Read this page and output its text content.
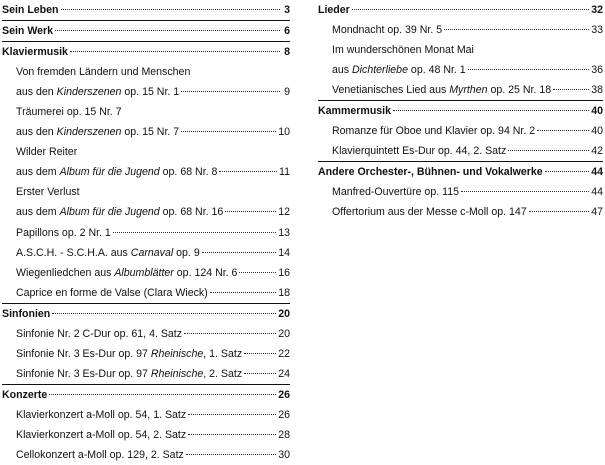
Sein Leben	3
Sein Werk	6
Klaviermusik	8
Von fremden Ländern und Menschen
aus den Kinderszenen op. 15 Nr. 1	9
Träumerei op. 15 Nr. 7
aus den Kinderszenen op. 15 Nr. 7	10
Wilder Reiter
aus dem Album für die Jugend op. 68 Nr. 8	11
Erster Verlust
aus dem Album für die Jugend op. 68 Nr. 16	12
Papillons op. 2 Nr. 1	13
A.S.C.H. - S.C.H.A. aus Carnaval op. 9	14
Wiegenliedchen aus Albumblätter op. 124 Nr. 6	16
Caprice en forme de Valse (Clara Wieck)	18
Sinfonien	20
Sinfonie Nr. 2 C-Dur op. 61, 4. Satz	20
Sinfonie Nr. 3 Es-Dur op. 97 Rheinische, 1. Satz	22
Sinfonie Nr. 3 Es-Dur op. 97 Rheinische, 2. Satz	24
Konzerte	26
Klavierkonzert a-Moll op. 54, 1. Satz	26
Klavierkonzert a-Moll op. 54, 2. Satz	28
Cellokonzert a-Moll op. 129, 2. Satz	30
Lieder	32
Mondnacht op. 39 Nr. 5	33
Im wunderschönen Monat Mai
aus Dichterliebe op. 48 Nr. 1	36
Venetianisches Lied aus Myrthen op. 25 Nr. 18	38
Kammermusik	40
Romanze für Oboe und Klavier op. 94 Nr. 2	40
Klavierquintett Es-Dur op. 44, 2. Satz	42
Andere Orchester-, Bühnen- und Vokalwerke	44
Manfred-Ouvertüre op. 115	44
Offertorium aus der Messe c-Moll op. 147	47
